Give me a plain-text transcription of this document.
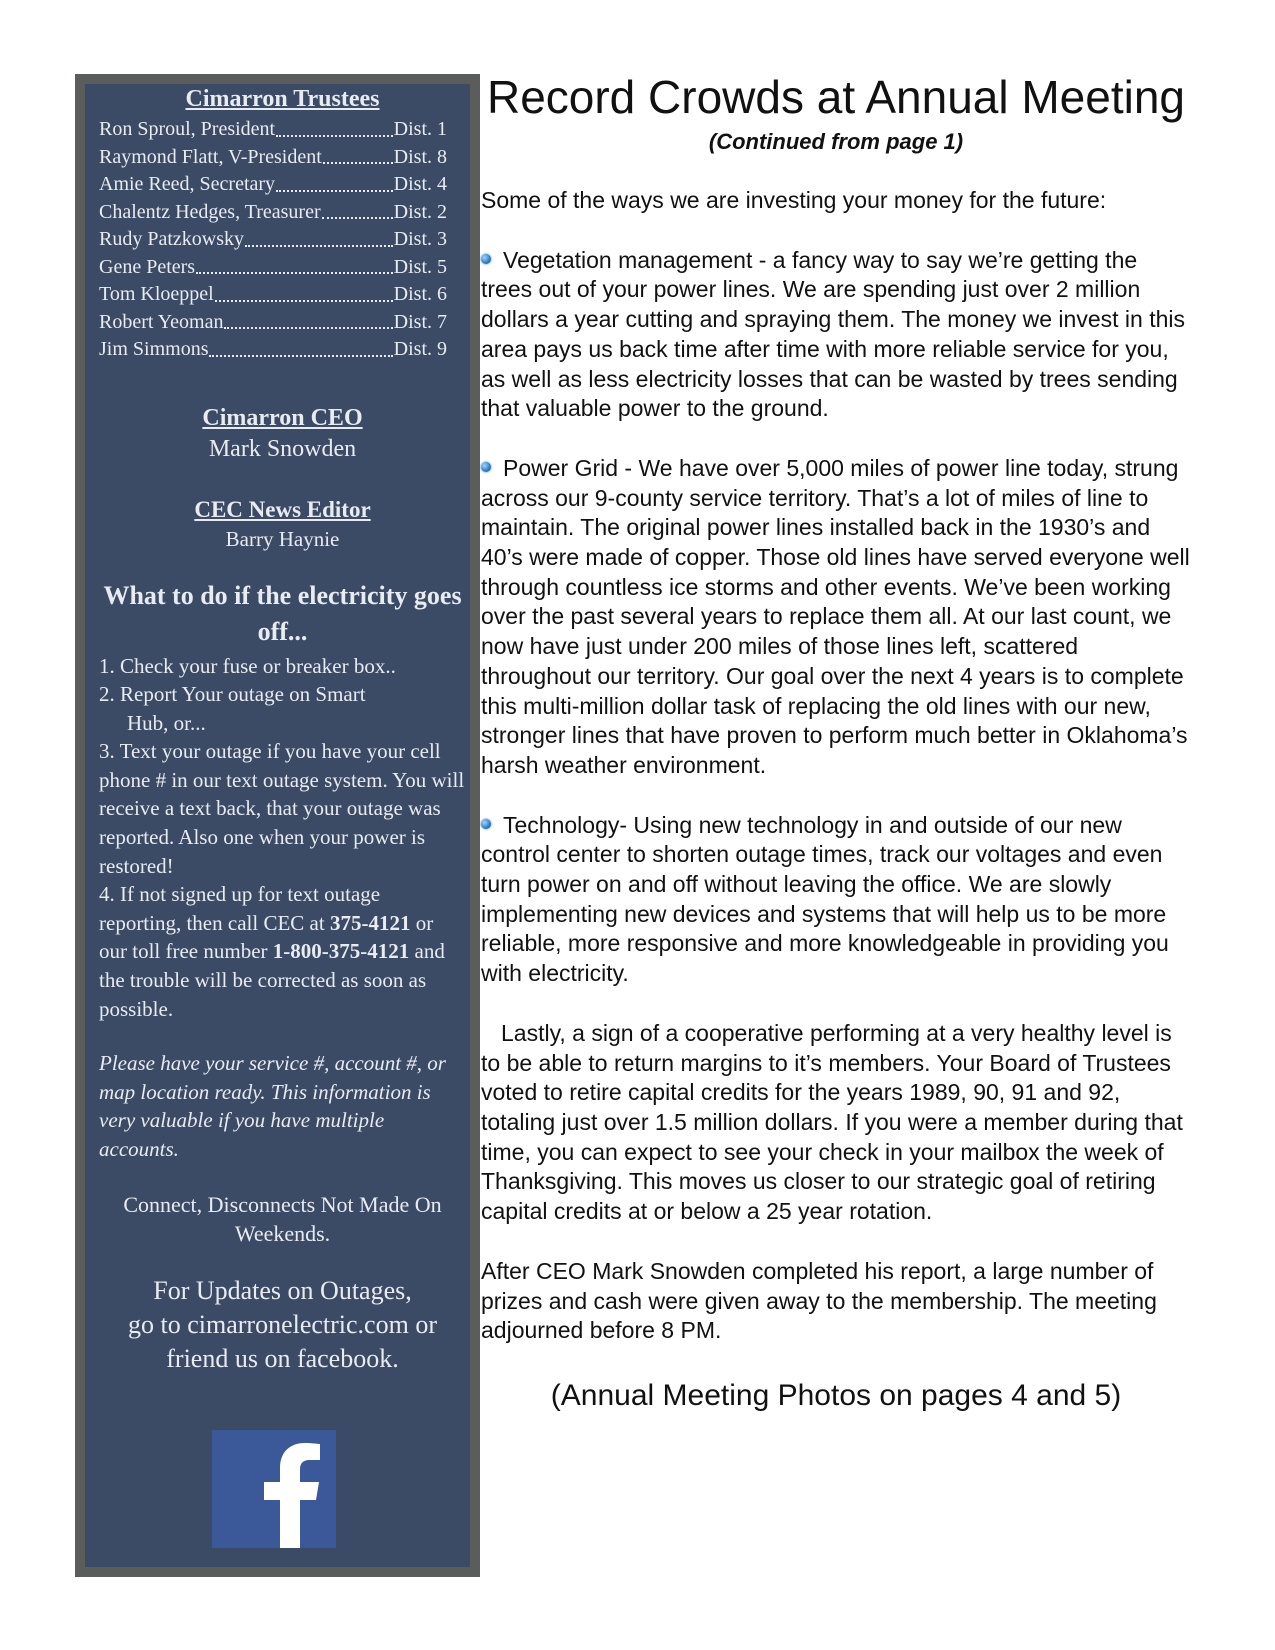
Cimarron Trustees
Ron Sproul, President	Dist. 1
Raymond Flatt, V-President	Dist. 8
Amie Reed, Secretary	Dist. 4
Chalentz Hedges, Treasurer	Dist. 2
Rudy Patzkowsky	Dist. 3
Gene Peters	Dist. 5
Tom Kloeppel	Dist. 6
Robert Yeoman	Dist. 7
Jim Simmons	Dist. 9
Cimarron CEO
Mark Snowden
CEC News Editor
Barry Haynie
What to do if the electricity goes off...
1. Check your fuse or breaker box..
2. Report Your outage on Smart
Hub, or...
3. Text your outage if you have your cell phone # in our text outage system. You will receive a text back, that your outage was reported. Also one when your power is restored!
4. If not signed up for text outage reporting, then call CEC at 375-4121 or our toll free number 1-800-375-4121 and the trouble will be corrected as soon as possible.
Please have your service #, account #, or map location ready. This information is very valuable if you have multiple accounts.
Connect, Disconnects Not Made On Weekends.
For Updates on Outages,
go to cimarronelectric.com or
friend us on facebook.
Record Crowds at Annual Meeting
(Continued from page 1)

Some of the ways we are investing your money for the future:

Vegetation management - a fancy way to say we’re getting the trees out of your power lines. We are spending just over 2 million dollars a year cutting and spraying them. The money we invest in this area pays us back time after time with more reliable service for you, as well as less electricity losses that can be wasted by trees sending that valuable power to the ground.

Power Grid - We have over 5,000 miles of power line today, strung across our 9-county service territory. That’s a lot of miles of line to maintain. The original power lines installed back in the 1930’s and 40’s were made of copper. Those old lines have served everyone well through countless ice storms and other events. We’ve been working over the past several years to replace them all. At our last count, we now have just under 200 miles of those lines left, scattered throughout our territory. Our goal over the next 4 years is to complete this multi-million dollar task of replacing the old lines with our new, stronger lines that have proven to perform much better in Oklahoma’s harsh weather environment.

Technology- Using new technology in and outside of our new control center to shorten outage times, track our voltages and even turn power on and off without leaving the office. We are slowly implementing new devices and systems that will help us to be more reliable, more responsive and more knowledgeable in providing you with electricity.

Lastly, a sign of a cooperative performing at a very healthy level is to be able to return margins to it’s members. Your Board of Trustees voted to retire capital credits for the years 1989, 90, 91 and 92, totaling just over 1.5 million dollars. If you were a member during that time, you can expect to see your check in your mailbox the week of Thanksgiving. This moves us closer to our strategic goal of retiring capital credits at or below a 25 year rotation.

After CEO Mark Snowden completed his report, a large number of prizes and cash were given away to the membership. The meeting adjourned before 8 PM.

(Annual Meeting Photos on pages 4 and 5)
